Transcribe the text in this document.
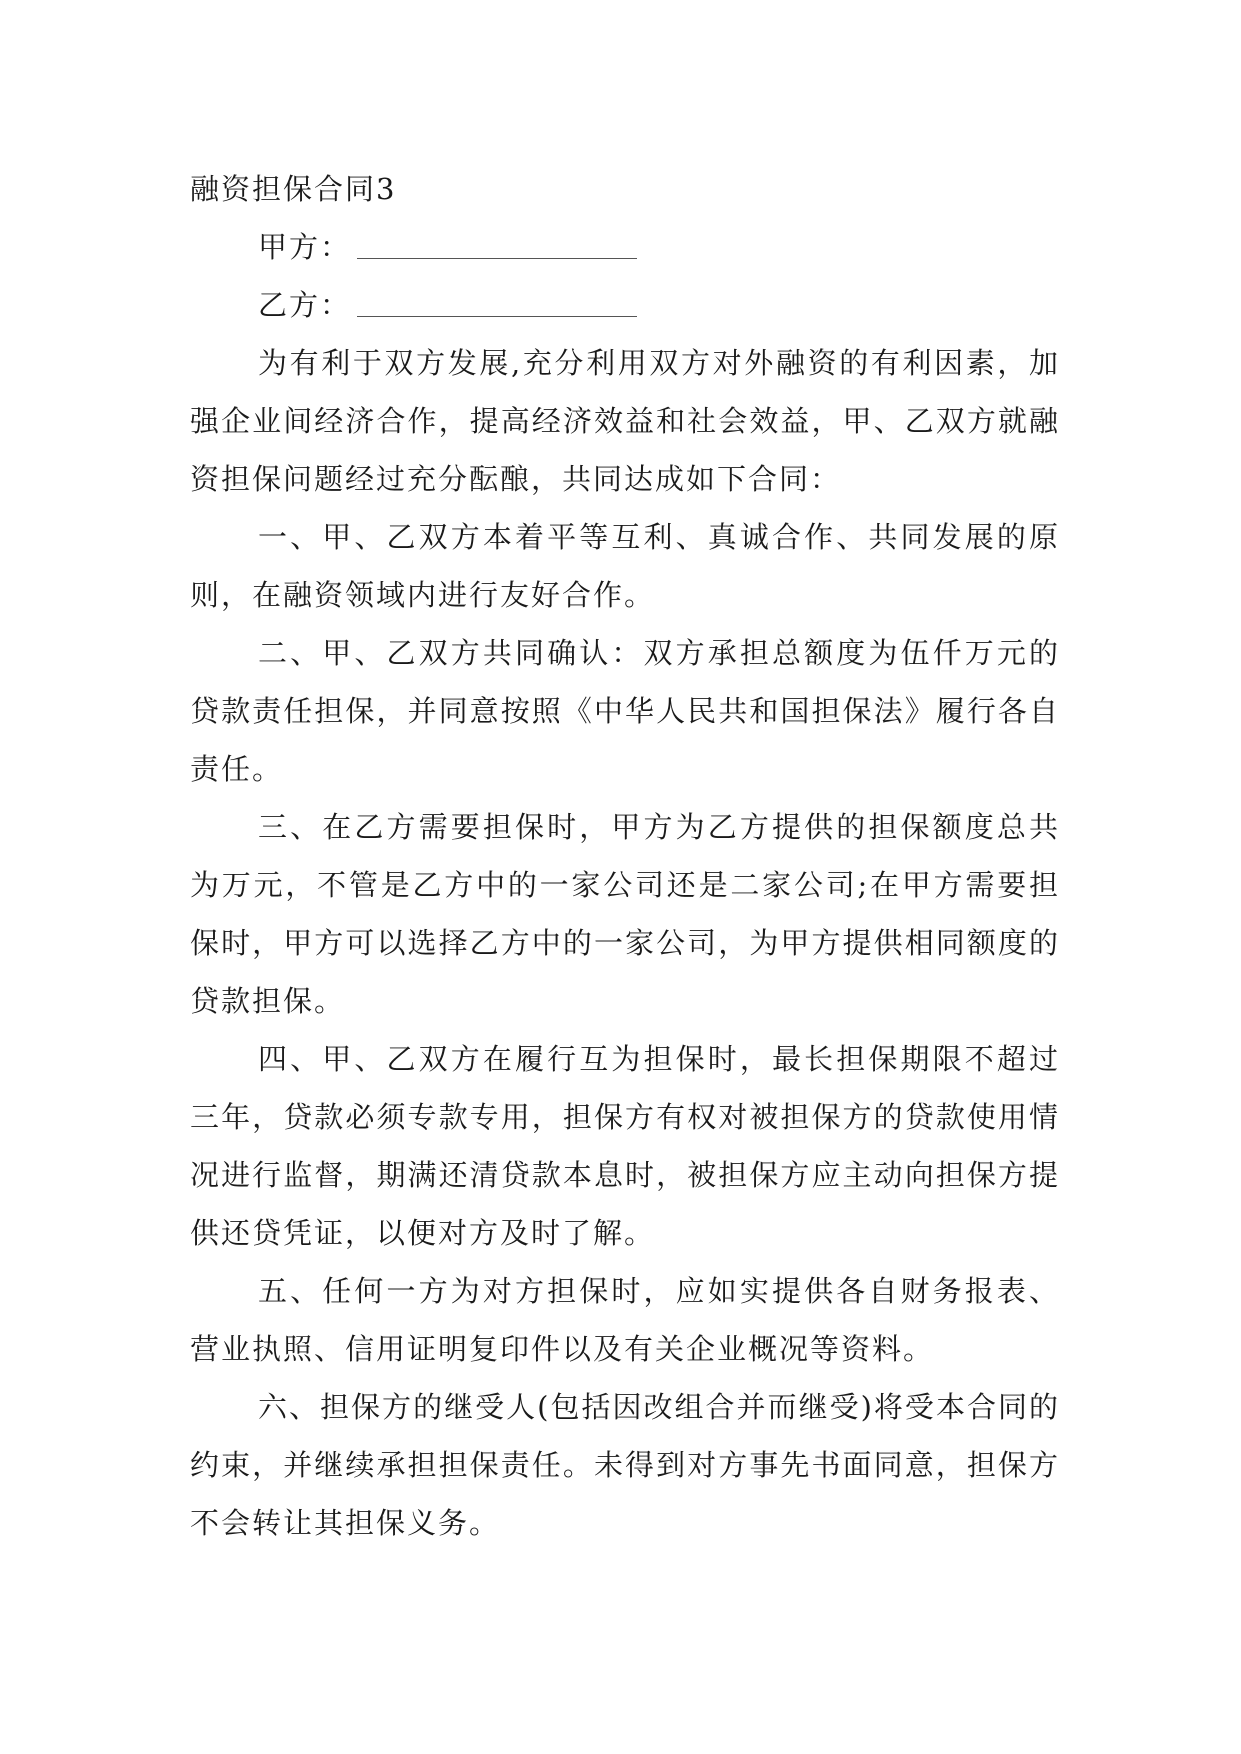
融资担保合同3

甲方：

乙方：

为有利于双方发展,充分利用双方对外融资的有利因素，加强企业间经济合作，提高经济效益和社会效益，甲、乙双方就融资担保问题经过充分酝酿，共同达成如下合同：

一、甲、乙双方本着平等互利、真诚合作、共同发展的原则，在融资领域内进行友好合作。

二、甲、乙双方共同确认：双方承担总额度为伍仟万元的贷款责任担保，并同意按照《中华人民共和国担保法》履行各自责任。

三、在乙方需要担保时，甲方为乙方提供的担保额度总共为万元，不管是乙方中的一家公司还是二家公司;在甲方需要担保时，甲方可以选择乙方中的一家公司，为甲方提供相同额度的贷款担保。

四、甲、乙双方在履行互为担保时，最长担保期限不超过三年，贷款必须专款专用，担保方有权对被担保方的贷款使用情况进行监督，期满还清贷款本息时，被担保方应主动向担保方提供还贷凭证，以便对方及时了解。

五、任何一方为对方担保时，应如实提供各自财务报表、营业执照、信用证明复印件以及有关企业概况等资料。

六、担保方的继受人(包括因改组合并而继受)将受本合同的约束，并继续承担担保责任。未得到对方事先书面同意，担保方不会转让其担保义务。
